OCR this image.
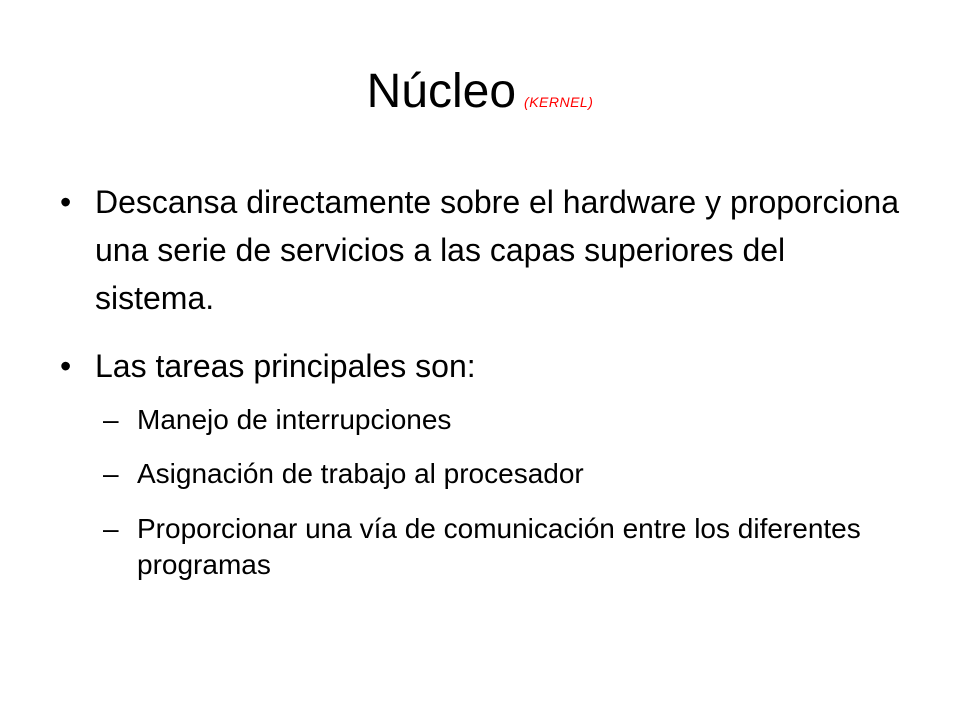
Núcleo (KERNEL)
• Descansa directamente sobre el hardware y proporciona una serie de servicios a las capas superiores del sistema.
• Las tareas principales son:
– Manejo de interrupciones
– Asignación de trabajo al procesador
– Proporcionar una vía de comunicación entre los diferentes programas
